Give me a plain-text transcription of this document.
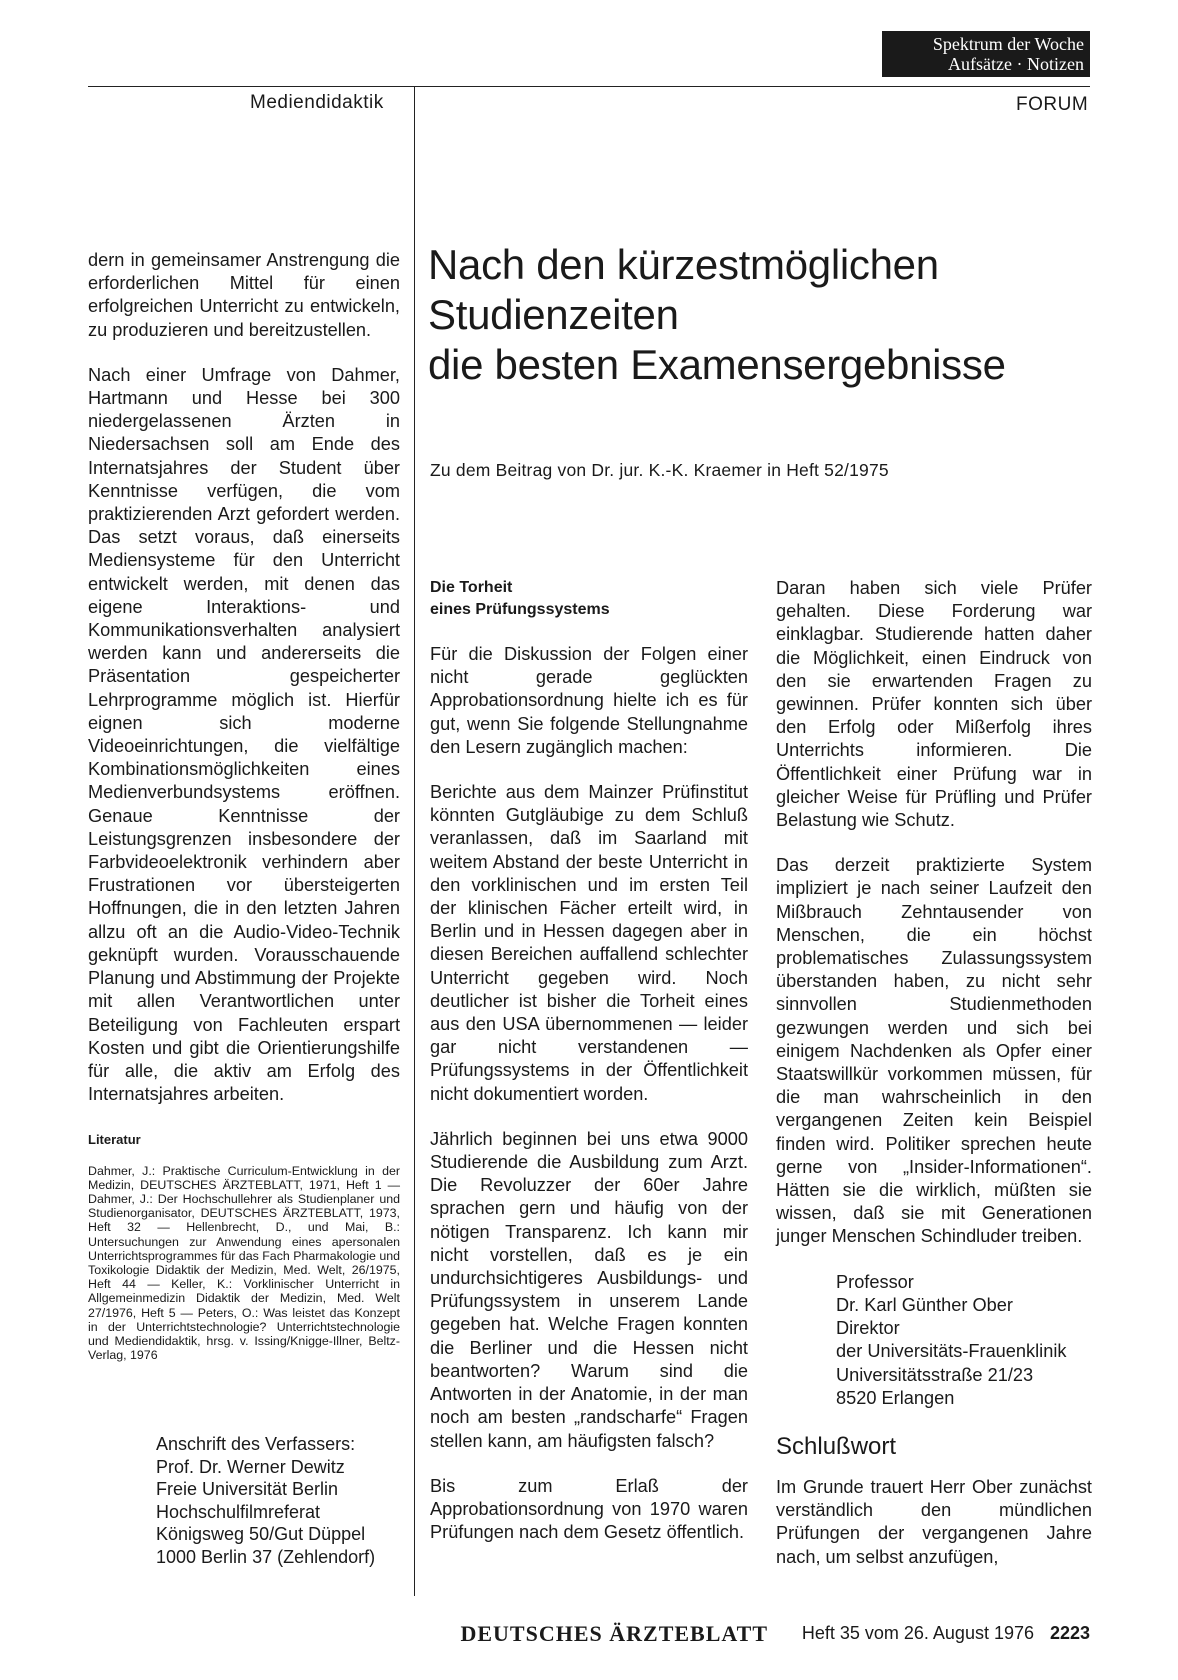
Spektrum der Woche
Aufsätze · Notizen
Mediendidaktik	FORUM

dern in gemeinsamer Anstrengung die erforderlichen Mittel für einen erfolgreichen Unterricht zu entwickeln, zu produzieren und bereitzustellen.

Nach einer Umfrage von Dahmer, Hartmann und Hesse bei 300 niedergelassenen Ärzten in Niedersachsen soll am Ende des Internatsjahres der Student über Kenntnisse verfügen, die vom praktizierenden Arzt gefordert werden. Das setzt voraus, daß einerseits Mediensysteme für den Unterricht entwickelt werden, mit denen das eigene Interaktions- und Kommunikationsverhalten analysiert werden kann und andererseits die Präsentation gespeicherter Lehrprogramme möglich ist. Hierfür eignen sich moderne Videoeinrichtungen, die vielfältige Kombinationsmöglichkeiten eines Medienverbundsystems eröffnen. Genaue Kenntnisse der Leistungsgrenzen insbesondere der Farbvideoelektronik verhindern aber Frustrationen vor übersteigerten Hoffnungen, die in den letzten Jahren allzu oft an die Audio-Video-Technik geknüpft wurden. Vorausschauende Planung und Abstimmung der Projekte mit allen Verantwortlichen unter Beteiligung von Fachleuten erspart Kosten und gibt die Orientierungshilfe für alle, die aktiv am Erfolg des Internatsjahres arbeiten.

Literatur

Dahmer, J.: Praktische Curriculum-Entwicklung in der Medizin, DEUTSCHES ÄRZTEBLATT, 1971, Heft 1 — Dahmer, J.: Der Hochschullehrer als Studienplaner und Studienorganisator, DEUTSCHES ÄRZTEBLATT, 1973, Heft 32 — Hellenbrecht, D., und Mai, B.: Untersuchungen zur Anwendung eines apersonalen Unterrichtsprogrammes für das Fach Pharmakologie und Toxikologie Didaktik der Medizin, Med. Welt, 26/1975, Heft 44 — Keller, K.: Vorklinischer Unterricht in Allgemeinmedizin Didaktik der Medizin, Med. Welt 27/1976, Heft 5 — Peters, O.: Was leistet das Konzept in der Unterrichtstechnologie? Unterrichtstechnologie und Mediendidaktik, hrsg. v. Issing/Knigge-Illner, Beltz-Verlag, 1976

Anschrift des Verfassers:
Prof. Dr. Werner Dewitz
Freie Universität Berlin
Hochschulfilmreferat
Königsweg 50/Gut Düppel
1000 Berlin 37 (Zehlendorf)
Nach den kürzestmöglichen
Studienzeiten
die besten Examensergebnisse
Zu dem Beitrag von Dr. jur. K.-K. Kraemer in Heft 52/1975
Die Torheit
eines Prüfungssystems

Für die Diskussion der Folgen einer nicht gerade geglückten Approbationsordnung hielte ich es für gut, wenn Sie folgende Stellungnahme den Lesern zugänglich machen:

Berichte aus dem Mainzer Prüfinstitut könnten Gutgläubige zu dem Schluß veranlassen, daß im Saarland mit weitem Abstand der beste Unterricht in den vorklinischen und im ersten Teil der klinischen Fächer erteilt wird, in Berlin und in Hessen dagegen aber in diesen Bereichen auffallend schlechter Unterricht gegeben wird. Noch deutlicher ist bisher die Torheit eines aus den USA übernommenen — leider gar nicht verstandenen — Prüfungssystems in der Öffentlichkeit nicht dokumentiert worden.

Jährlich beginnen bei uns etwa 9000 Studierende die Ausbildung zum Arzt. Die Revoluzzer der 60er Jahre sprachen gern und häufig von der nötigen Transparenz. Ich kann mir nicht vorstellen, daß es je ein undurchsichtigeres Ausbildungs- und Prüfungssystem in unserem Lande gegeben hat. Welche Fragen konnten die Berliner und die Hessen nicht beantworten? Warum sind die Antworten in der Anatomie, in der man noch am besten „randscharfe“ Fragen stellen kann, am häufigsten falsch?

Bis zum Erlaß der Approbationsordnung von 1970 waren Prüfungen nach dem Gesetz öffentlich.

Daran haben sich viele Prüfer gehalten. Diese Forderung war einklagbar. Studierende hatten daher die Möglichkeit, einen Eindruck von den sie erwartenden Fragen zu gewinnen. Prüfer konnten sich über den Erfolg oder Mißerfolg ihres Unterrichts informieren. Die Öffentlichkeit einer Prüfung war in gleicher Weise für Prüfling und Prüfer Belastung wie Schutz.

Das derzeit praktizierte System impliziert je nach seiner Laufzeit den Mißbrauch Zehntausender von Menschen, die ein höchst problematisches Zulassungssystem überstanden haben, zu nicht sehr sinnvollen Studienmethoden gezwungen werden und sich bei einigem Nachdenken als Opfer einer Staatswillkür vorkommen müssen, für die man wahrscheinlich in den vergangenen Zeiten kein Beispiel finden wird. Politiker sprechen heute gerne von „Insider-Informationen“. Hätten sie die wirklich, müßten sie wissen, daß sie mit Generationen junger Menschen Schindluder treiben.

Professor
Dr. Karl Günther Ober
Direktor
der Universitäts-Frauenklinik
Universitätsstraße 21/23
8520 Erlangen
Schlußwort

Im Grunde trauert Herr Ober zunächst verständlich den mündlichen Prüfungen der vergangenen Jahre nach, um selbst anzufügen,

DEUTSCHES ÄRZTEBLATT Heft 35 vom 26. August 1976 2223
